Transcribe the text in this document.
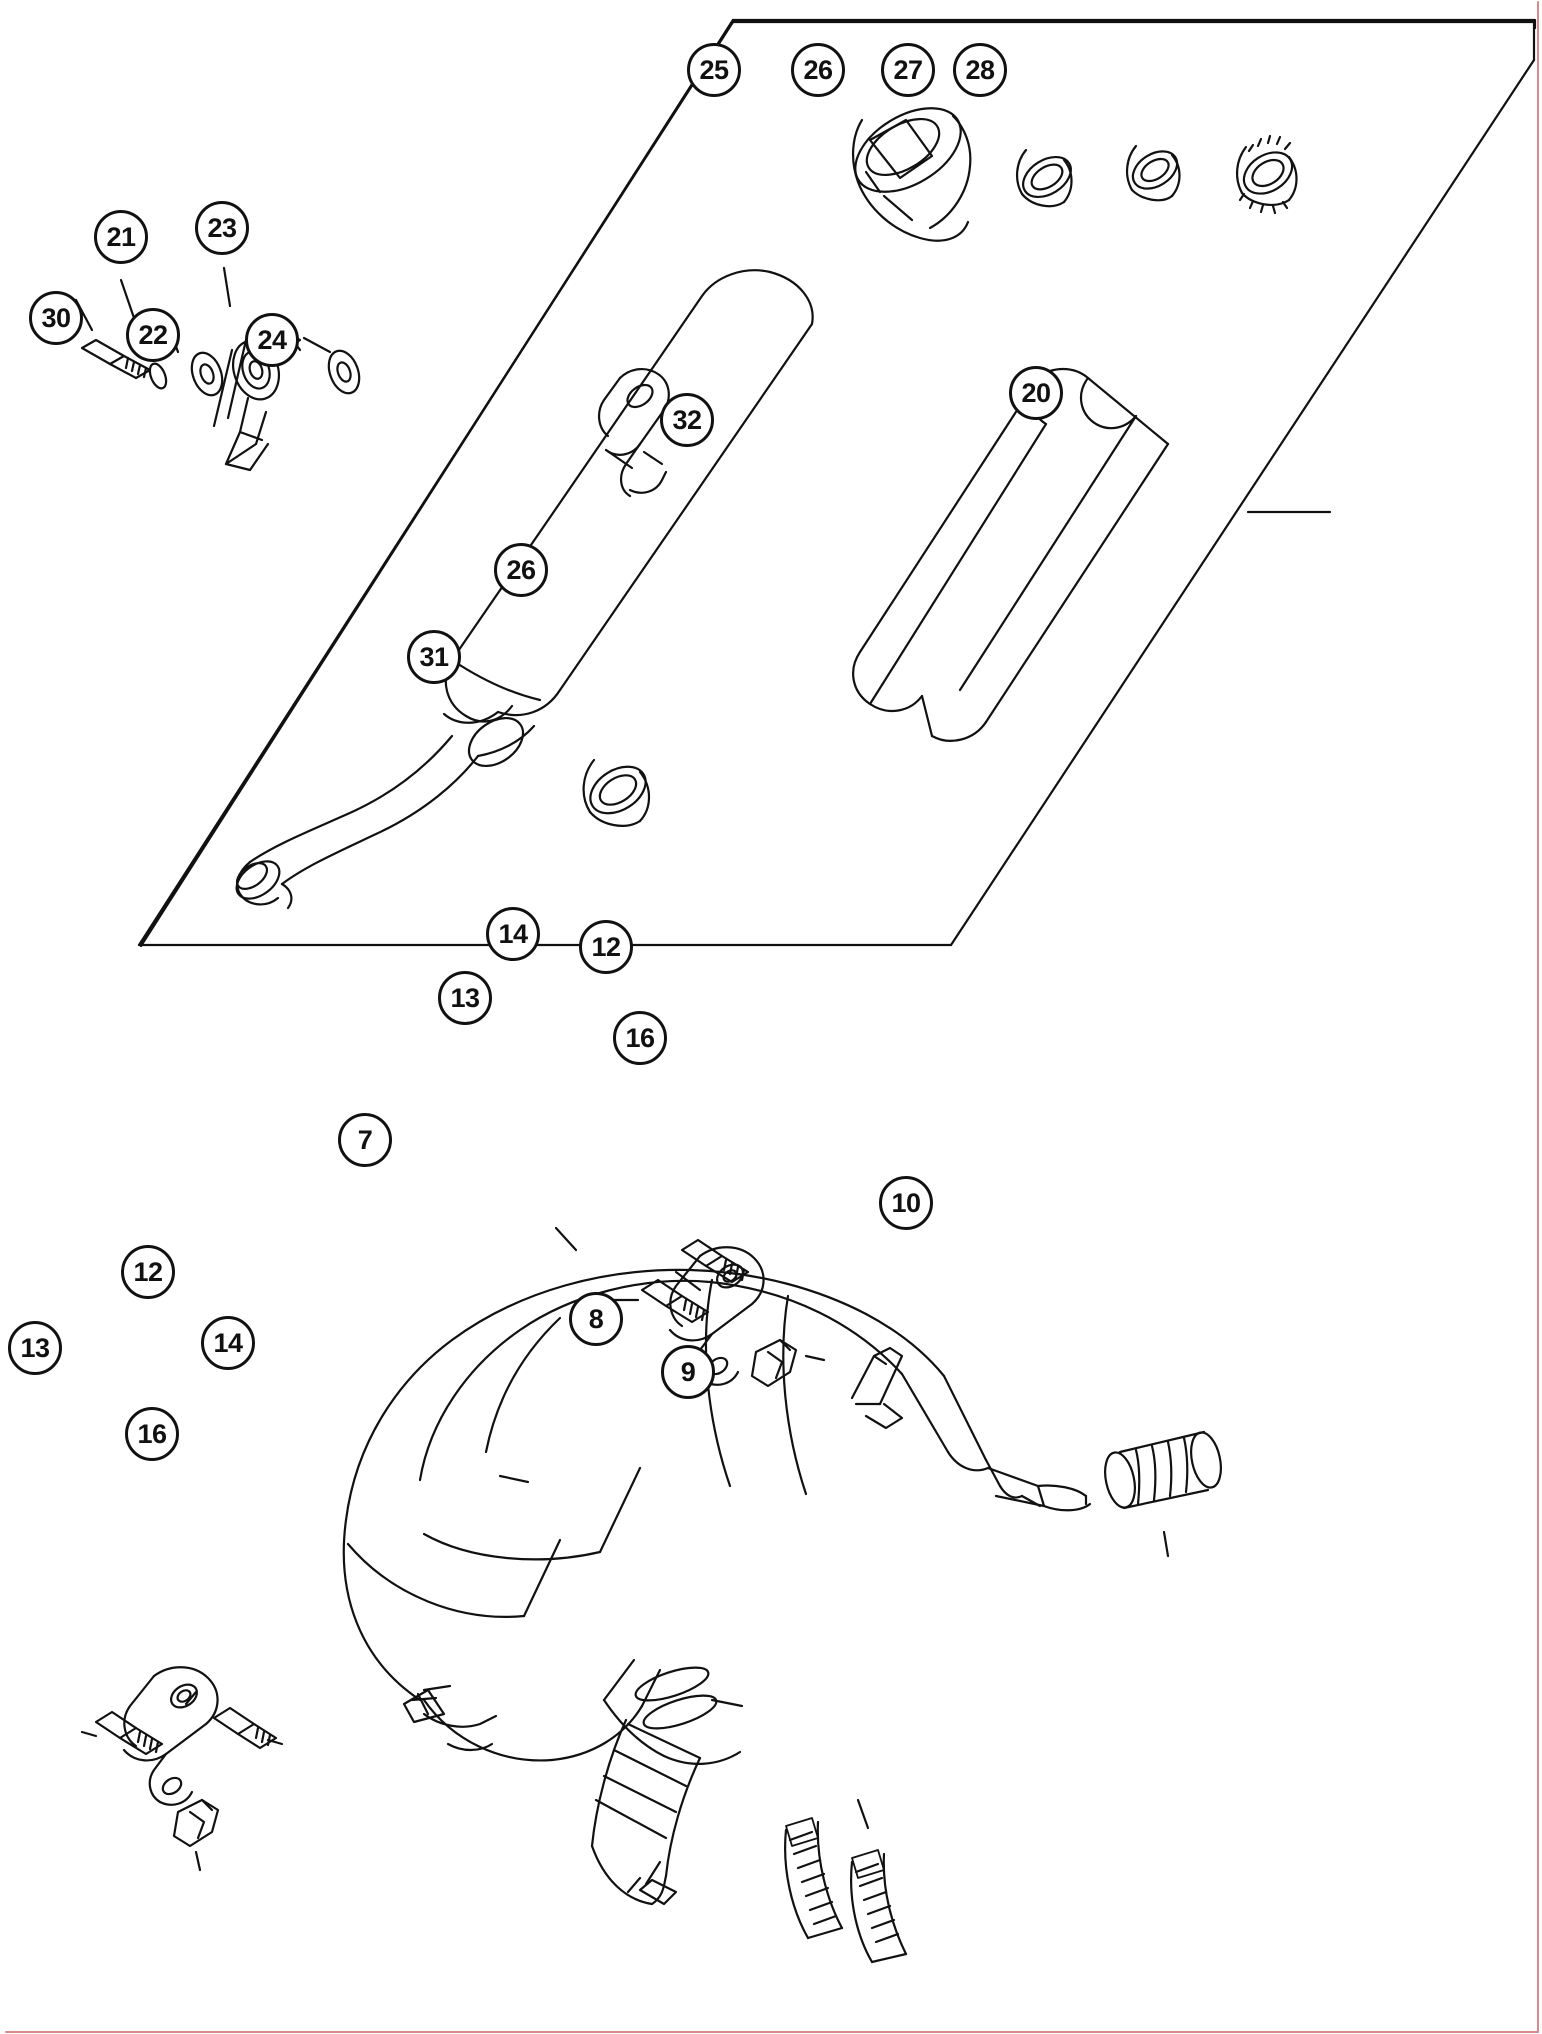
25	26	27	28
21	23
30
22	24
20
32
26
31
14	12
13
16
7
10
12
13	14
8
9
16
